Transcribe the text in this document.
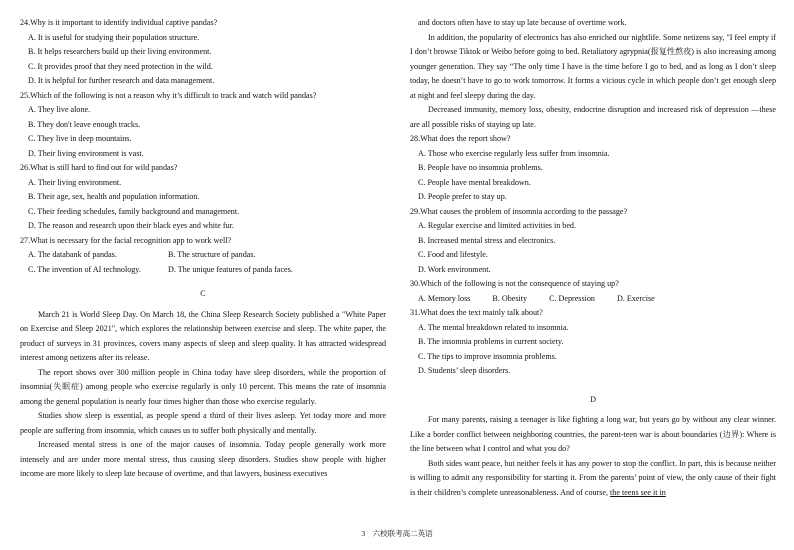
24.Why is it important to identify individual captive pandas?
A. It is useful for studying their population structure.
B. It helps researchers build up their living environment.
C. It provides proof that they need protection in the wild.
D. It is helpful for further research and data management.
25.Which of the following is not a reason why it’s difficult to track and watch wild pandas?
A. They live alone.
B. They don't leave enough tracks.
C. They live in deep mountains.
D. Their living environment is vast.
26.What is still hard to find out for wild pandas?
A. Their living environment.
B. Their age, sex, health and population information.
C. Their feeding schedules, family background and management.
D. The reason and research upon their black eyes and white fur.
27.What is necessary for the facial recognition app to work well?
A. The databank of pandas.	B. The structure of pandas.
C. The invention of AI technology.	D. The unique features of panda faces.
C
March 21 is World Sleep Day. On March 18, the China Sleep Research Society published a "White Paper on Exercise and Sleep 2021", which explores the relationship between exercise and sleep. The white paper, the product of surveys in 31 provinces, covers many aspects of sleep and sleep quality. It has attracted widespread interest among netizens after its release.
The report shows over 300 million people in China today have sleep disorders, while the proportion of insomnia(失眠症) among people who exercise regularly is only 10 percent. This means the rate of insomnia among the general population is nearly four times higher than those who exercise regularly.
Studies show sleep is essential, as people spend a third of their lives asleep. Yet today more and more people are suffering from insomnia, which causes us to suffer both physically and mentally.
Increased mental stress is one of the major causes of insomnia. Today people generally work more intensely and are under more mental stress, thus causing sleep disorders. Studies show people with higher income are more likely to sleep late because of overtime, and that lawyers, business executives
and doctors often have to stay up late because of overtime work.
In addition, the popularity of electronics has also enriched our nightlife. Some netizens say, "I feel empty if I don’t browse Tiktok or Weibo before going to bed. Retaliatory agrypnia(报复性熬夜) is also increasing among younger generation. They say “The only time I have is the time before I go to bed, and as long as I don’t sleep today, he doesn’t have to go to work tomorrow. It forms a vicious cycle in which people don’t get enough sleep at night and feel sleepy during the day.
Decreased immunity, memory loss, obesity, endocrine disruption and increased risk of depression —these are all possible risks of staying up late.
28.What does the report show?
A. Those who exercise regularly less suffer from insomnia.
B. People have no insomnia problems.
C. People have mental breakdown.
D. People prefer to stay up.
29.What causes the problem of insomnia according to the passage?
A. Regular exercise and limited activities in bed.
B. Increased mental stress and electronics.
C. Food and lifestyle.
D. Work environment.
30.Which of the following is not the consequence of staying up?
A. Memory loss	B. Obesity	C. Depression	D. Exercise
31.What does the text mainly talk about?
A. The mental breakdown related to insomnia.
B. The insomnia problems in current society.
C. The tips to improve insomnia problems.
D. Students’ sleep disorders.
D
For many parents, raising a teenager is like fighting a long war, but years go by without any clear winner. Like a border conflict between neighboring countries, the parent-teen war is about boundaries (边界): Where is the line between what I control and what you do?
Both sides want peace, but neither feels it has any power to stop the conflict. In part, this is because neither is willing to admit any responsibility for starting it. From the parents’ point of view, the only cause of their fight is their children’s complete unreasonableness. And of course, the teens see it in
3　六校联考高二英语
